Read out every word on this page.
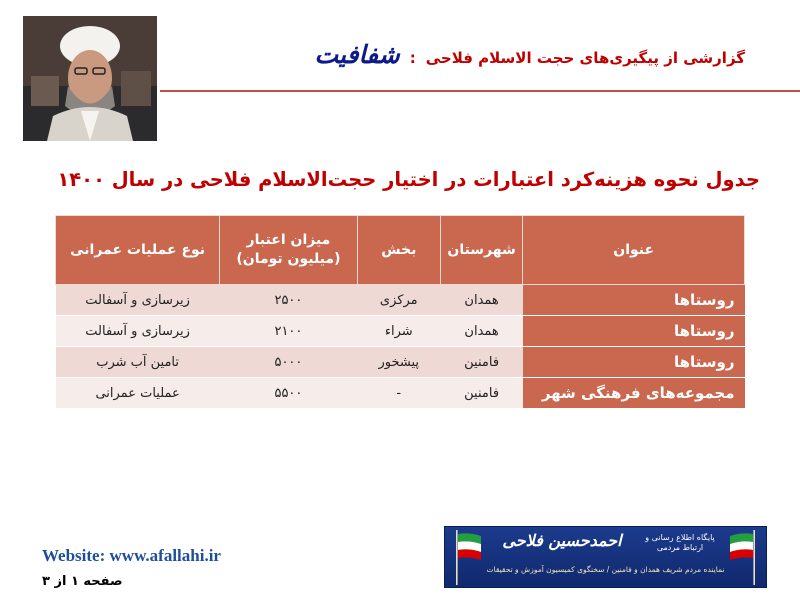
گزارشی از پیگیری‌های حجت الاسلام فلاحی:شفافیت
جدول نحوه هزینه‌کرد اعتبارات در اختیار حجت‌الاسلام فلاحی در سال ۱۴۰۰
عنوان	شهرستان	بخش	میزان اعتبار
(میلیون تومان)	نوع عملیات عمرانی
روستاها	همدان	مرکزی	۲۵۰۰	زیرسازی و آسفالت
روستاها	همدان	شراء	۲۱۰۰	زیرسازی و آسفالت
روستاها	فامنین	پیشخور	۵۰۰۰	تامین آب شرب
مجموعه‌های فرهنگی شهر	فامنین	-	۵۵۰۰	عملیات عمرانی
Website: www.afallahi.ir
صفحه ۱ از ۳
پایگاه اطلاع رسانی و ارتباط مردمی
احمدحسین فلاحی
نماینده مردم شریف همدان و فامنین / سخنگوی کمیسیون آموزش و تحقیقات
